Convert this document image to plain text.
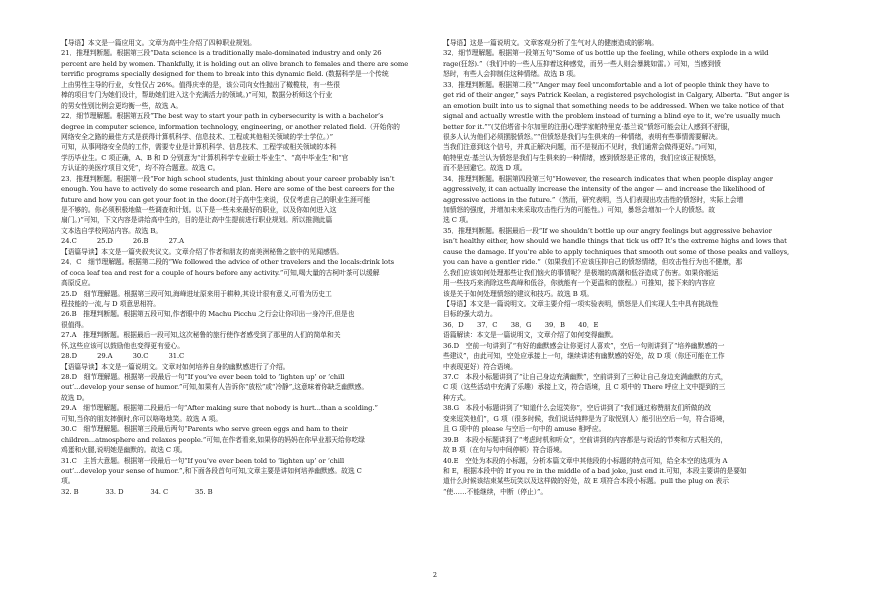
【导语】本文是一篇应用文。文章为高中生介绍了四种职业规划。
21．推理判断题。根据第三段“Data science is a traditionally male-dominated industry and only 26
percent are held by women. Thankfully, it is holding out an olive branch to females and there are some
terrific programs specially designed for them to break into this dynamic field. (数据科学是一个传统
上由男性主导的行业，女性仅占 26%。值得庆幸的是，该公司向女性抛出了橄榄枝，有一些很
棒的项目专门为她们设计，帮助她们进入这个充满活力的领域。)”可知，数据分析师这个行业
的男女性别比例会更均衡一些，故选 A。
22．细节理解题。根据第五段“The best way to start your path in cybersecurity is with a bachelor’s
degree in computer science, information technology, engineering, or another related field.（开始你的
网络安全之路的最佳方式是获得计算机科学、信息技术、工程或其他相关领域的学士学位。）”
可知，从事网络安全员的工作，需要专业是计算机科学、信息技术、工程学或相关领域的本科
学历毕业生。C 项正确，A、B 和 D 分别意为“计算机科学专业硕士毕业生”、“高中毕业生”和“官
方认证的美医疗项目文凭”，均不符合题意。故选 C。
23．推理判断题。根据第一段“For high school students, just thinking about your career probably isn’t
enough. You have to actively do some research and plan. Here are some of the best careers for the
future and how you can get your foot in the door.(对于高中生来说，仅仅考虑自己的职业生涯可能
是不够的。你必须积极地做一些调查和计划。以下是一些未来最好的职业，以及你如何进入这
扇门。)”可知，下文内容是讲给高中生的，目的是让高中生提前进行职业规划。所以推测此篇
文本选自学校网站内容。故选 B。
24.C　　　25.D　　　26.B　　　27.A
【语篇导读】本文是一篇夹叙夹议文。文章介绍了作者和朋友的南美洲秘鲁之旅中的见闻感悟。
24．C　细节理解题。根据第二段的“We followed the advice of other travelers and the locals:drink lots
of coca leaf tea and rest for a couple of hours before any activity.”可知,喝大量的古柯叶茶可以缓解
高原反应。
25.D　细节理解题。根据第三段可知,海峰进址原来用于耕种,其设计很有意义,可看为历史工
程技能的一流,与 D 项意思相符。
26.B　推理判断题。根据第五段可知,作者眼中的 Machu Picchu 之行会让你印出一身冷汗,但是也
很值得。
27.A　推理判断题。根据最后一段可知,这次秘鲁的旅行使作者感受到了那里的人们的简单和关
怀,这些应该可以鼓励他也变得更有爱心。
28.D　　　29.A　　　30.C　　　31.C
【语篇导读】本文是一篇说明文。文章对如何培养自身的幽默感进行了介绍。
28.D　细节理解题。根据第一段最后一句“If you’ve ever been told to ‘lighten up’ or ‘chill
out’...develop your sense of humor.”可知,如果有人告诉你“放松”或“冷静”,这意味着你缺乏幽默感。
故选 D。
29.A　细节理解题。根据第二段最后一句“After making sure that nobody is hurt...than a scolding.”
可知,当你的朋友摔倒时,你可以咯咯地笑。故选 A 项。
30.C　细节理解题。根据第三段最后两句“Parents who serve green eggs and ham to their
children...atmosphere and relaxes people.”可知,在作者看来,如果你的妈妈在你早业那天给你吃绿
鸡蛋和火腿,说明她是幽默的。故选 C 项。
31.C　主旨大意题。根据第一段最后一句“If you’ve ever been told to ‘lighten up’ or ‘chill
out’...develop your sense of humor.”,和下面各段首句可知,文章主要是讲如何培养幽默感。故选 C
项。
32. B　　　　33. D　　　　34. C　　　　35. B
【导语】这是一篇说明文。文章客观分析了生气对人的健康造成的影响。
32．细节理解题。根据第一段第五句“Some of us bottle up the feeling, while others explode in a wild
rage(狂怒).”（我们中的一些人压抑着这种感觉，而另一些人则会暴跳如雷。）可知，当感到愤
怒时，有些人会抑制住这种情绪。故选 B 项。
33．推理判断题。根据第二段““Anger may feel uncomfortable and a lot of people think they have to
get rid of their anger,” says Patrick Keelan, a registered psychologist in Calgary, Alberta. “But anger is
an emotion built into us to signal that something needs to be addressed. When we take notice of that
signal and actually wrestle with the problem instead of turning a blind eye to it, we’re usually much
better for it.””(艾伯塔省卡尔加里的注册心理学家帕特里克·基兰说“愤怒可能会让人感到不舒服，
很多人认为他们必须摆脱愤怒。”“但愤怒是我们与生俱来的一种情绪，表明有些事情需要解决。
当我们注意到这个信号，并真正解决问题，而不是视而不见时，我们通常会做得更好。”)可知，
帕特里克·基兰认为愤怒是我们与生俱来的一种情绪，感到愤怒是正常的，我们应该正视愤怒，
而不是回避它。故选 D 项。
34．推理判断题。根据第四段第三句“However, the research indicates that when people display anger
aggressively, it can actually increase the intensity of the anger — and increase the likelihood of
aggressive actions in the future.”（然而，研究表明，当人们表现出攻击性的愤怒时，实际上会增
加愤怒的强度，并增加未来采取攻击性行为的可能性。）可知，暴怒会增加一个人的愤怒。故
选 C 项。
35．推理判断题。根据最后一段“If we shouldn’t bottle up our angry feelings but aggressive behavior
isn’t healthy either, how should we handle things that tick us off? It’s the extreme highs and lows that
cause the damage. If you’re able to apply techniques that smooth out some of those peaks and valleys,
you can have a gentler ride.”（如果我们不应该压抑自己的愤怒情绪，但攻击性行为也不健康，那
么我们应该如何处理那些让我们恼火的事情呢？是极端的高潮和低谷造成了伤害。如果你能运
用一些技巧来消除这些高峰和低谷，你就能有一个更温和的旅程。）可推知，接下来的内容应
该是关于如何处理愤怒的建议和技巧。故选 B 项。
【导语】本文是一篇说明文。文章主要介绍一项实验表明，愤怒是人们实现人生中具有挑战性
目标的强大动力。
36．D　　37．C　　38．G　　39．B　　40．E
语篇解读：本文是一篇说明文，文章介绍了如何变得幽默。
36.D　空前一句讲到了“有好的幽默感会让你更讨人喜欢”，空后一句则讲到了“培养幽默感的一
些建议”，由此可知，空处应承接上一句，继续讲述有幽默感的好处，故 D 项（你还可能在工作
中表现更好）符合语境。
37.C　本段小标题讲到了“让自己身边充满幽默”，空前讲到了三种让自己身边充满幽默的方式，
C 项（这些活动中充满了乐趣）承接上文，符合语境，且 C 项中的 There 呼应上文中提到的三
种方式。
38.G　本段小标题讲到了“知道什么会逗笑你”，空后讲到了“我们通过称赞朋友们所做的改
变来逗笑他们”，G 项（很多时候，我们说话纯粹是为了取悦别人）能引出空后一句，符合语境，
且 G 项中的 please 与空后一句中的 amuse 相呼应。
39.B　本段小标题讲到了“考虑时机和听众”，空前讲到的内容都是与说话的节奏和方式相关的，
故 B 项（在句与句中间停顿）符合语境。
40.E　空处为本段的小标题，分析本篇文章中其他段的小标题的特点可知，给全本空的选项为 A
和 E，根据本段中的 If you re in the middle of a bad joke, just end it.可知，本段主要讲的是要如
道什么时候该结束某些玩笑以及这样做的好处，故 E 项符合本段小标题。pull the plug on 表示
“使……不能继续，中断（停止）”。
2
